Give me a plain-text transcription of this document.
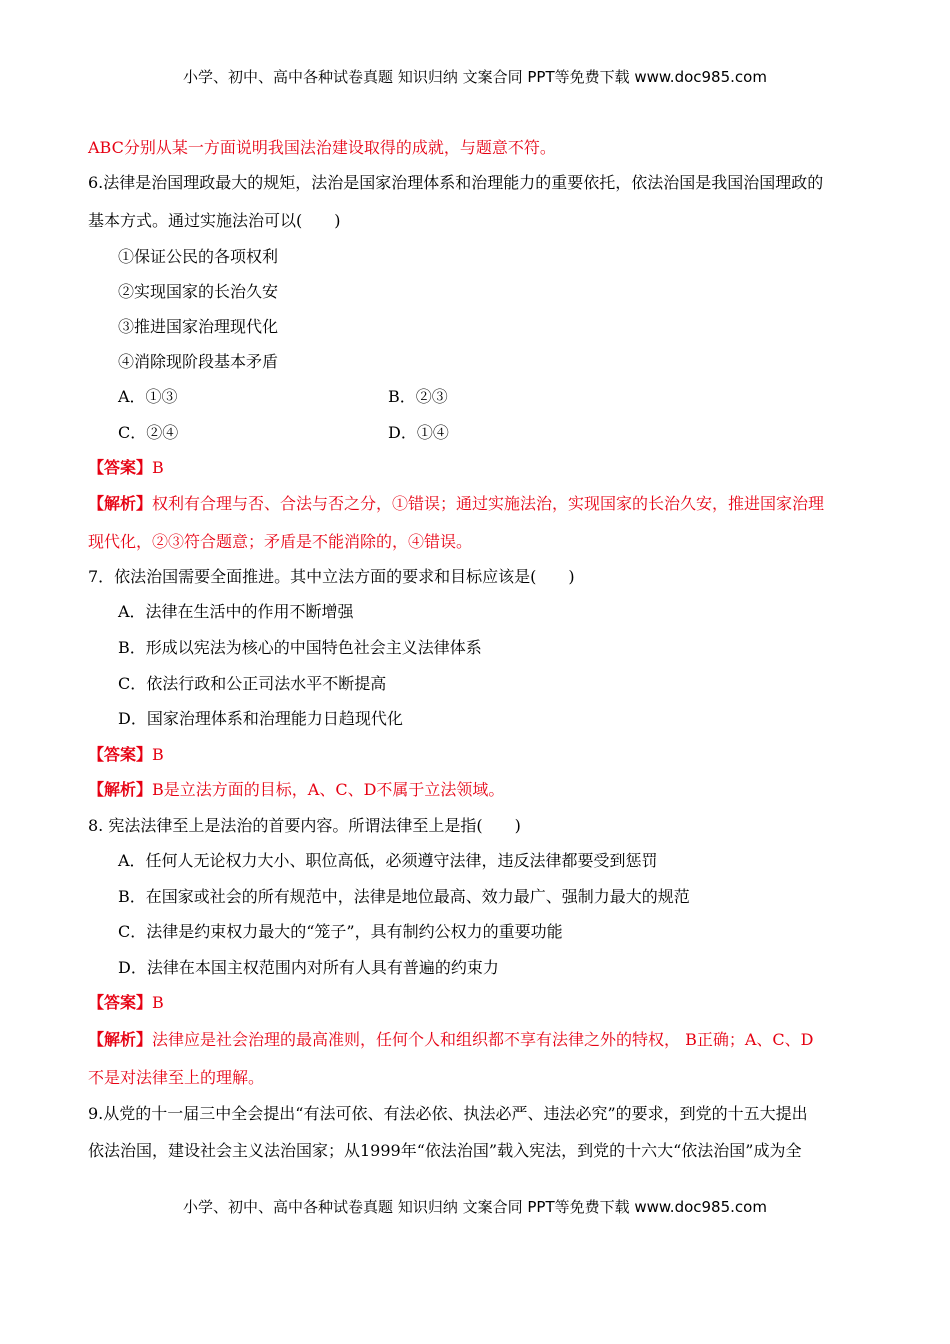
小学、初中、高中各种试卷真题 知识归纳 文案合同 PPT等免费下载 www.doc985.com
ABC分别从某一方面说明我国法治建设取得的成就，与题意不符。
6.法律是治国理政最大的规矩，法治是国家治理体系和治理能力的重要依托，依法治国是我国治国理政的
基本方式。通过实施法治可以(　　)
①保证公民的各项权利
②实现国家的长治久安
③推进国家治理现代化
④消除现阶段基本矛盾
A．①③	B．②③
C．②④	D．①④
【答案】B
【解析】权利有合理与否、合法与否之分，①错误；通过实施法治，实现国家的长治久安，推进国家治理
现代化，②③符合题意；矛盾是不能消除的，④错误。
7．依法治国需要全面推进。其中立法方面的要求和目标应该是(　　)
A．法律在生活中的作用不断增强
B．形成以宪法为核心的中国特色社会主义法律体系
C．依法行政和公正司法水平不断提高
D．国家治理体系和治理能力日趋现代化
【答案】B
【解析】B是立法方面的目标，A、C、D不属于立法领域。
8. 宪法法律至上是法治的首要内容。所谓法律至上是指(　　)
A．任何人无论权力大小、职位高低，必须遵守法律，违反法律都要受到惩罚
B．在国家或社会的所有规范中，法律是地位最高、效力最广、强制力最大的规范
C．法律是约束权力最大的“笼子”，具有制约公权力的重要功能
D．法律在本国主权范围内对所有人具有普遍的约束力
【答案】B
【解析】法律应是社会治理的最高准则，任何个人和组织都不享有法律之外的特权， B正确；A、C、D
不是对法律至上的理解。
9.从党的十一届三中全会提出“有法可依、有法必依、执法必严、违法必究”的要求，到党的十五大提出
依法治国，建设社会主义法治国家；从1999年“依法治国”载入宪法，到党的十六大“依法治国”成为全
小学、初中、高中各种试卷真题 知识归纳 文案合同 PPT等免费下载 www.doc985.com
